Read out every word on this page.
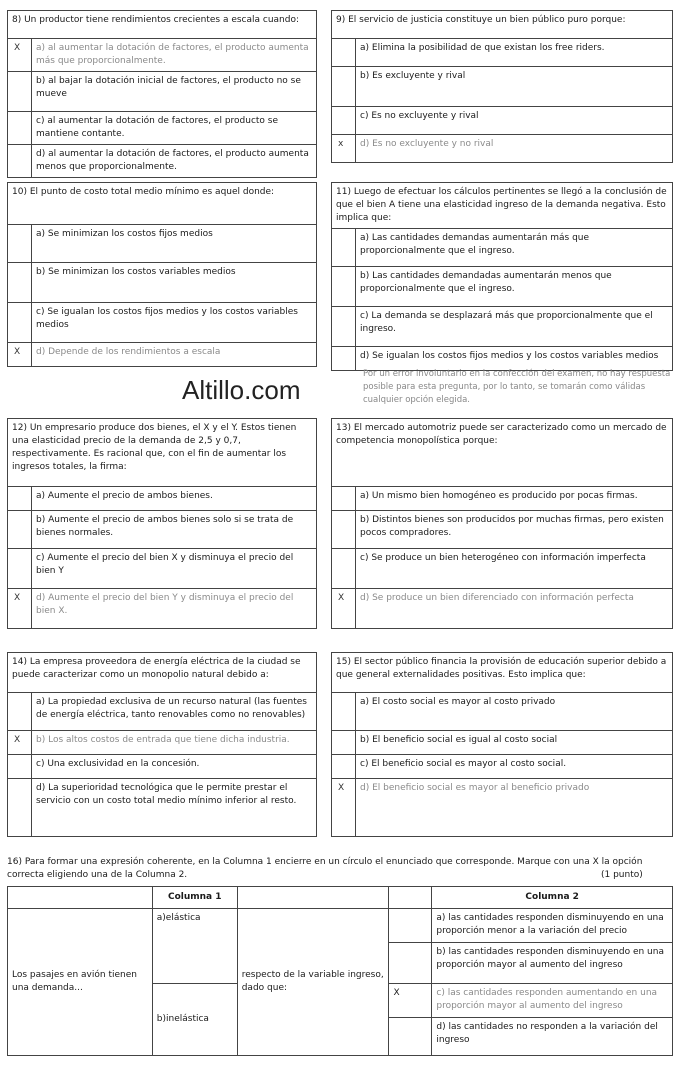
8) Un productor tiene rendimientos crecientes a escala cuando:	
X	a) al aumentar la dotación de factores, el producto aumenta más que proporcionalmente.
	b) al bajar la dotación inicial de factores, el producto no se mueve
	c) al aumentar la dotación de factores, el producto se mantiene contante.
	d) al aumentar la dotación de factores, el producto aumenta menos que proporcionalmente.
9) El servicio de justicia constituye un bien público puro porque:	
	a) Elimina la posibilidad de que existan los free riders.
	b) Es excluyente y rival
	c) Es no excluyente y rival
x	d) Es no excluyente y no rival
10) El punto de costo total medio mínimo es aquel donde:	
	a) Se minimizan los costos fijos medios
	b) Se minimizan los costos variables medios
	c) Se igualan los costos fijos medios y los costos variables medios
X	d) Depende de los rendimientos a escala
11) Luego de efectuar los cálculos pertinentes se llegó a la conclusión de que el bien A tiene una elasticidad ingreso de la demanda negativa. Esto implica que:	
	a) Las cantidades demandas aumentarán más que proporcionalmente que el ingreso.
	b) Las cantidades demandadas aumentarán menos que proporcionalmente que el ingreso.
	c) La demanda se desplazará más que proporcionalmente que el ingreso.
	d) Se igualan los costos fijos medios y los costos variables medios
Altillo.com
Por un error involuntario en la confección del examen, no hay respuesta posible para esta pregunta, por lo tanto, se tomarán como válidas cualquier opción elegida.
12) Un empresario produce dos bienes, el X y el Y. Estos tienen una elasticidad precio de la demanda de 2,5 y 0,7, respectivamente. Es racional que, con el fin de aumentar los ingresos totales, la firma:	
	a) Aumente el precio de ambos bienes.
	b) Aumente el precio de ambos bienes solo si se trata de bienes normales.
	c) Aumente el precio del bien X y disminuya el precio del bien Y
X	d) Aumente el precio del bien Y y disminuya el precio del bien X.
13) El mercado automotriz puede ser caracterizado como un mercado de competencia monopolística porque:	
	a) Un mismo bien homogéneo es producido por pocas firmas.
	b) Distintos bienes son producidos por muchas firmas, pero existen pocos compradores.
	c) Se produce un bien heterogéneo con información imperfecta
X	d) Se produce un bien diferenciado con información perfecta
14) La empresa proveedora de energía eléctrica de la ciudad se puede caracterizar como un monopolio natural debido a:	
	a) La propiedad exclusiva de un recurso natural (las fuentes de energía eléctrica, tanto renovables como no renovables)
X	b) Los altos costos de entrada que tiene dicha industria.
	c) Una exclusividad en la concesión.
	d) La superioridad tecnológica que le permite prestar el servicio con un costo total medio mínimo inferior al resto.
15) El sector público financia la provisión de educación superior debido a que general externalidades positivas. Esto implica que:	
	a) El costo social es mayor al costo privado
	b) El beneficio social es igual al costo social
	c) El beneficio social es mayor al costo social.
X	d) El beneficio social es mayor al beneficio privado
16) Para formar una expresión coherente, en la Columna 1 encierre en un círculo el enunciado que corresponde. Marque con una X la opción correcta eligiendo una de la Columna 2.	(1 punto)
	Columna 1			Columna 2
Los pasajes en avión tienen una demanda...	a)elástica	respecto de la variable ingreso, dado que:		a) las cantidades responden disminuyendo en una proporción menor a la variación del precio
				b) las cantidades responden disminuyendo en una proporción mayor al aumento del ingreso
	b)inelástica		X	c) las cantidades responden aumentando en una proporción mayor al aumento del ingreso
				d) las cantidades no responden a la variación del ingreso
